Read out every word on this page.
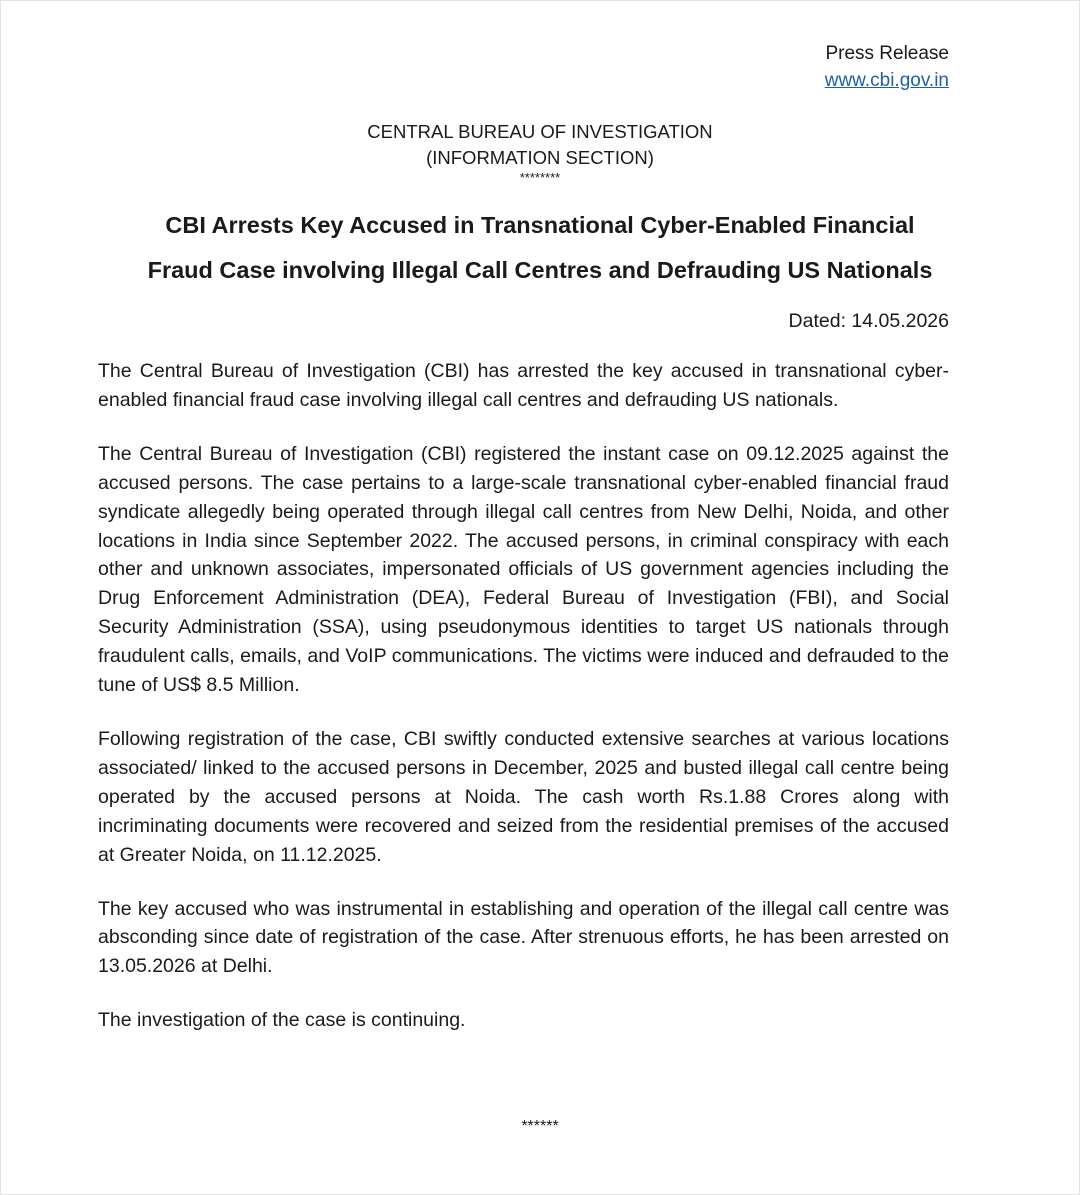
Press Release
www.cbi.gov.in
CENTRAL BUREAU OF INVESTIGATION
(INFORMATION SECTION)
********
CBI Arrests Key Accused in Transnational Cyber-Enabled Financial
Fraud Case involving Illegal Call Centres and Defrauding US Nationals
Dated: 14.05.2026

The Central Bureau of Investigation (CBI) has arrested the key accused in transnational cyber-enabled financial fraud case involving illegal call centres and defrauding US nationals.

The Central Bureau of Investigation (CBI) registered the instant case on 09.12.2025 against the accused persons. The case pertains to a large-scale transnational cyber-enabled financial fraud syndicate allegedly being operated through illegal call centres from New Delhi, Noida, and other locations in India since September 2022. The accused persons, in criminal conspiracy with each other and unknown associates, impersonated officials of US government agencies including the Drug Enforcement Administration (DEA), Federal Bureau of Investigation (FBI), and Social Security Administration (SSA), using pseudonymous identities to target US nationals through fraudulent calls, emails, and VoIP communications. The victims were induced and defrauded to the tune of US$ 8.5 Million.

Following registration of the case, CBI swiftly conducted extensive searches at various locations associated/ linked to the accused persons in December, 2025 and busted illegal call centre being operated by the accused persons at Noida. The cash worth Rs.1.88 Crores along with incriminating documents were recovered and seized from the residential premises of the accused at Greater Noida, on 11.12.2025.

The key accused who was instrumental in establishing and operation of the illegal call centre was absconding since date of registration of the case. After strenuous efforts, he has been arrested on 13.05.2026 at Delhi.

The investigation of the case is continuing.

******
